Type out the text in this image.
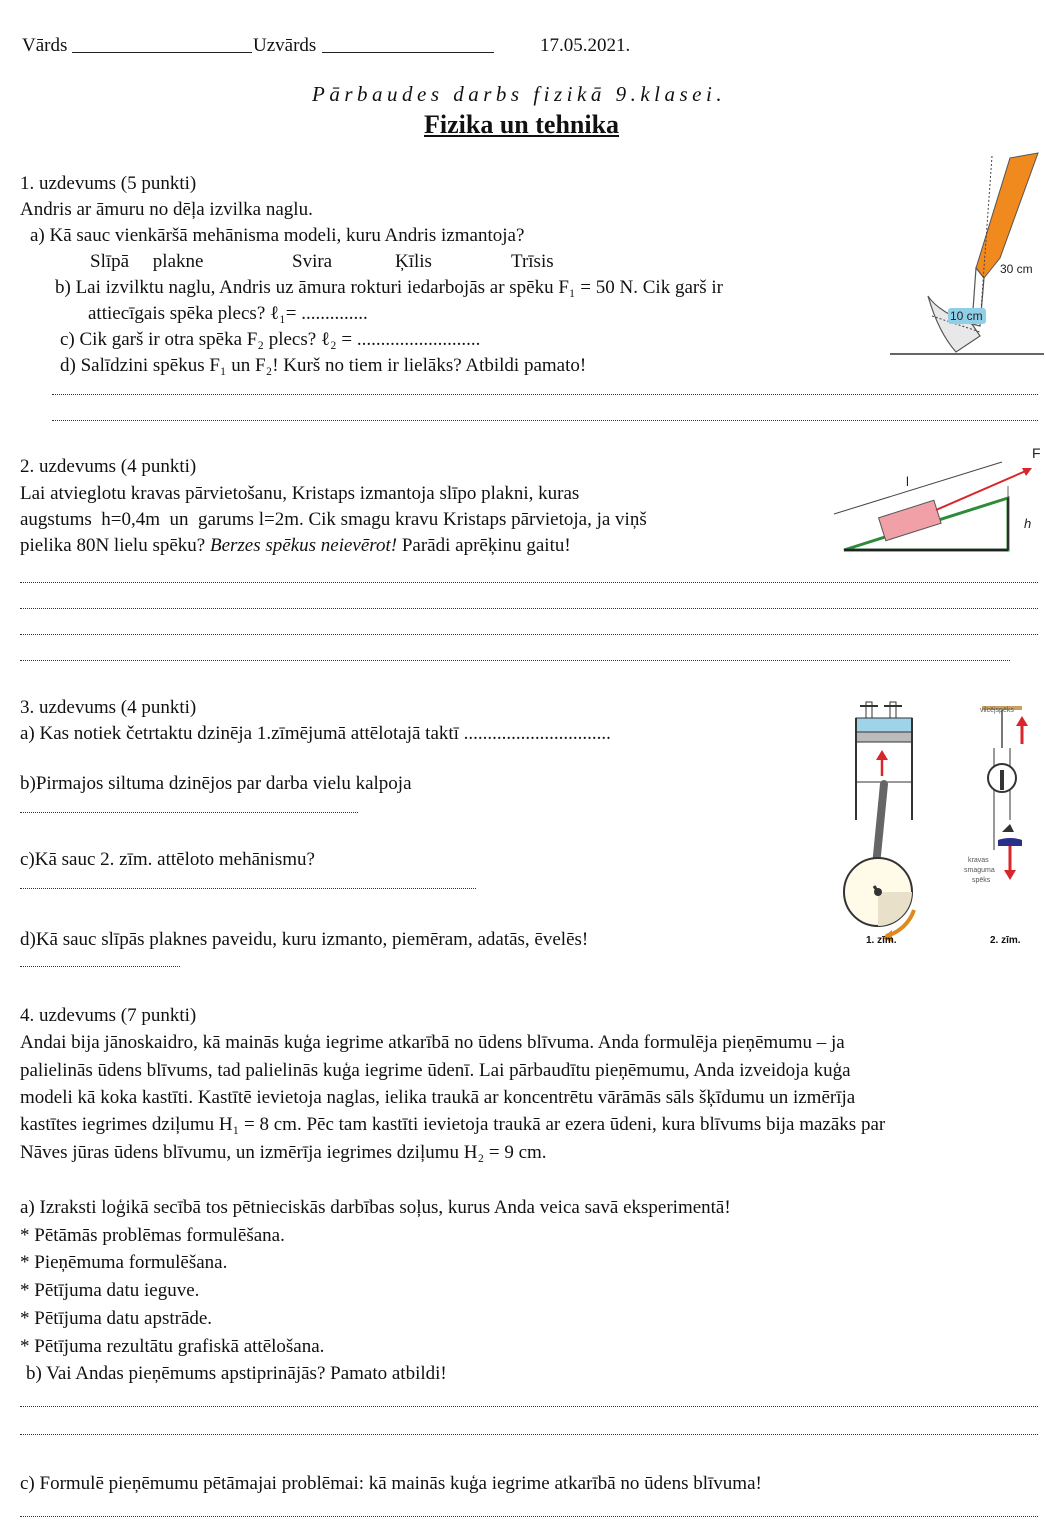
Vārds	Uzvārds	17.05.2021.
Pārbaudes darbs fizikā 9.klasei.
Fizika un tehnika
1. uzdevums (5 punkti)
Andris ar āmuru no dēļa izvilka naglu.
a) Kā sauc vienkāršā mehānisma modeli, kuru Andris izmantoja?
Slīpā     plakne	Svira	Ķīlis	Trīsis
b) Lai izvilktu naglu, Andris uz āmura rokturi iedarbojās ar spēku F₁ = 50 N. Cik garš ir
attiecīgais spēka plecs? ℓ₁= ..............
c) Cik garš ir otra spēka F₂ plecs? ℓ₂ = ..........................
d) Salīdzini spēkus F₁ un F₂! Kurš no tiem ir lielāks? Atbildi pamato!
30 cm
10 cm
2. uzdevums (4 punkti)
Lai atvieglotu kravas pārvietošanu, Kristaps izmantoja slīpo plakni, kuras
augstums  h=0,4m  un  garums l=2m. Cik smagu kravu Kristaps pārvietoja, ja viņš
pielika 80N lielu spēku? Berzes spēkus neievērot! Parādi aprēķinu gaitu!
F
l
h
3. uzdevums (4 punkti)
a) Kas notiek četrtaktu dzinēja 1.zīmējumā attēlotajā taktī ...............................
b)Pirmajos siltuma dzinējos par darba vielu kalpoja
c)Kā sauc 2. zīm. attēloto mehānismu?
d)Kā sauc slīpās plaknes paveidu, kuru izmanto, piemēram, adatās, ēvelēs!	1. zīm.
vilcējspēks
kravas
smaguma
spēks
2. zīm.
4. uzdevums (7 punkti)
Andai bija jānoskaidro, kā mainās kuģa iegrime atkarībā no ūdens blīvuma. Anda formulēja pieņēmumu – ja
palielinās ūdens blīvums, tad palielinās kuģa iegrime ūdenī. Lai pārbaudītu pieņēmumu, Anda izveidoja kuģa
modeli kā koka kastīti. Kastītē ievietoja naglas, ielika traukā ar koncentrētu vārāmās sāls šķīdumu un izmērīja
kastītes iegrimes dziļumu H₁ = 8 cm. Pēc tam kastīti ievietoja traukā ar ezera ūdeni, kura blīvums bija mazāks par
Nāves jūras ūdens blīvumu, un izmērīja iegrimes dziļumu H₂ = 9 cm.
a) Izraksti loģikā secībā tos pētnieciskās darbības soļus, kurus Anda veica savā eksperimentā!
* Pētāmās problēmas formulēšana.
* Pieņēmuma formulēšana.
* Pētījuma datu ieguve.
* Pētījuma datu apstrāde.
* Pētījuma rezultātu grafiskā attēlošana.
b) Vai Andas pieņēmums apstiprinājās? Pamato atbildi!
c) Formulē pieņēmumu pētāmajai problēmai: kā mainās kuģa iegrime atkarībā no ūdens blīvuma!
